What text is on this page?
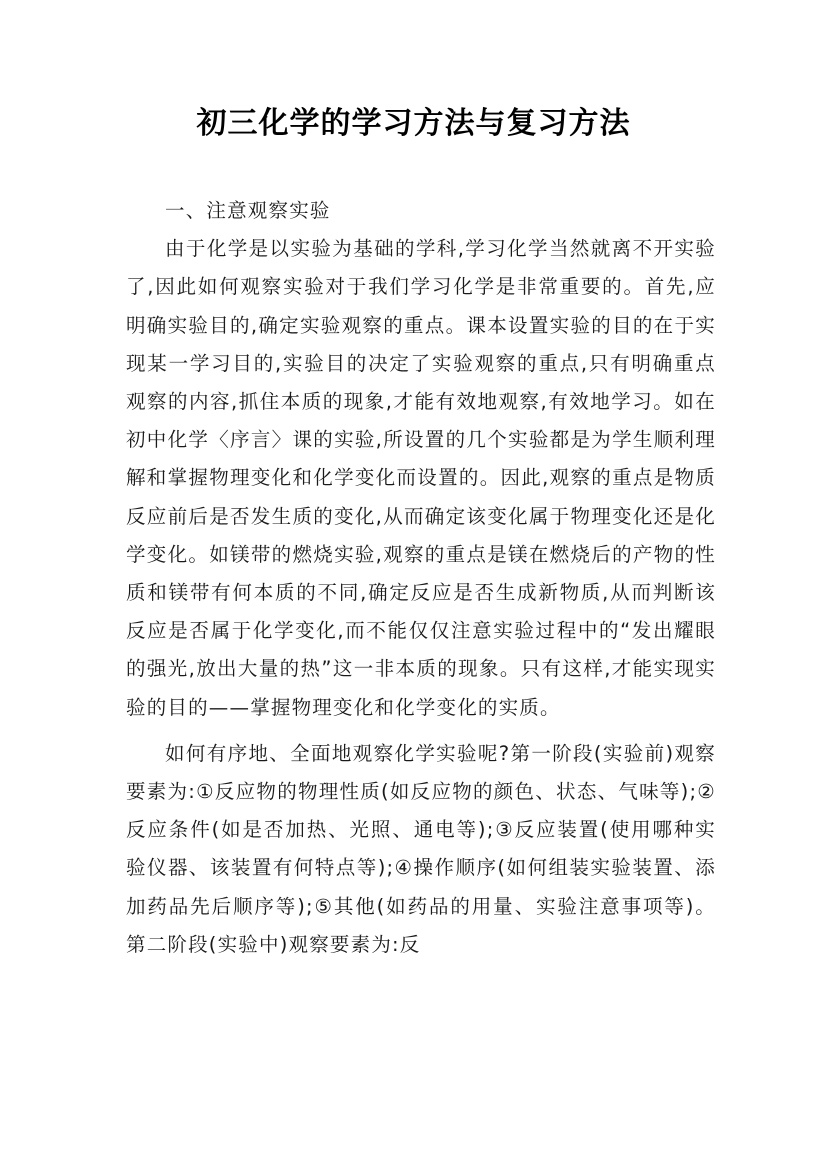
初三化学的学习方法与复习方法

一、注意观察实验

由于化学是以实验为基础的学科,学习化学当然就离不开实验了,因此如何观察实验对于我们学习化学是非常重要的。首先,应明确实验目的,确定实验观察的重点。课本设置实验的目的在于实现某一学习目的,实验目的决定了实验观察的重点,只有明确重点观察的内容,抓住本质的现象,才能有效地观察,有效地学习。如在初中化学〈序言〉课的实验,所设置的几个实验都是为学生顺利理解和掌握物理变化和化学变化而设置的。因此,观察的重点是物质反应前后是否发生质的变化,从而确定该变化属于物理变化还是化学变化。如镁带的燃烧实验,观察的重点是镁在燃烧后的产物的性质和镁带有何本质的不同,确定反应是否生成新物质,从而判断该反应是否属于化学变化,而不能仅仅注意实验过程中的“发出耀眼的强光,放出大量的热”这一非本质的现象。只有这样,才能实现实验的目的——掌握物理变化和化学变化的实质。

如何有序地、全面地观察化学实验呢?第一阶段(实验前)观察要素为:①反应物的物理性质(如反应物的颜色、状态、气味等);②反应条件(如是否加热、光照、通电等);③反应装置(使用哪种实验仪器、该装置有何特点等);④操作顺序(如何组装实验装置、添加药品先后顺序等);⑤其他(如药品的用量、实验注意事项等)。第二阶段(实验中)观察要素为:反
